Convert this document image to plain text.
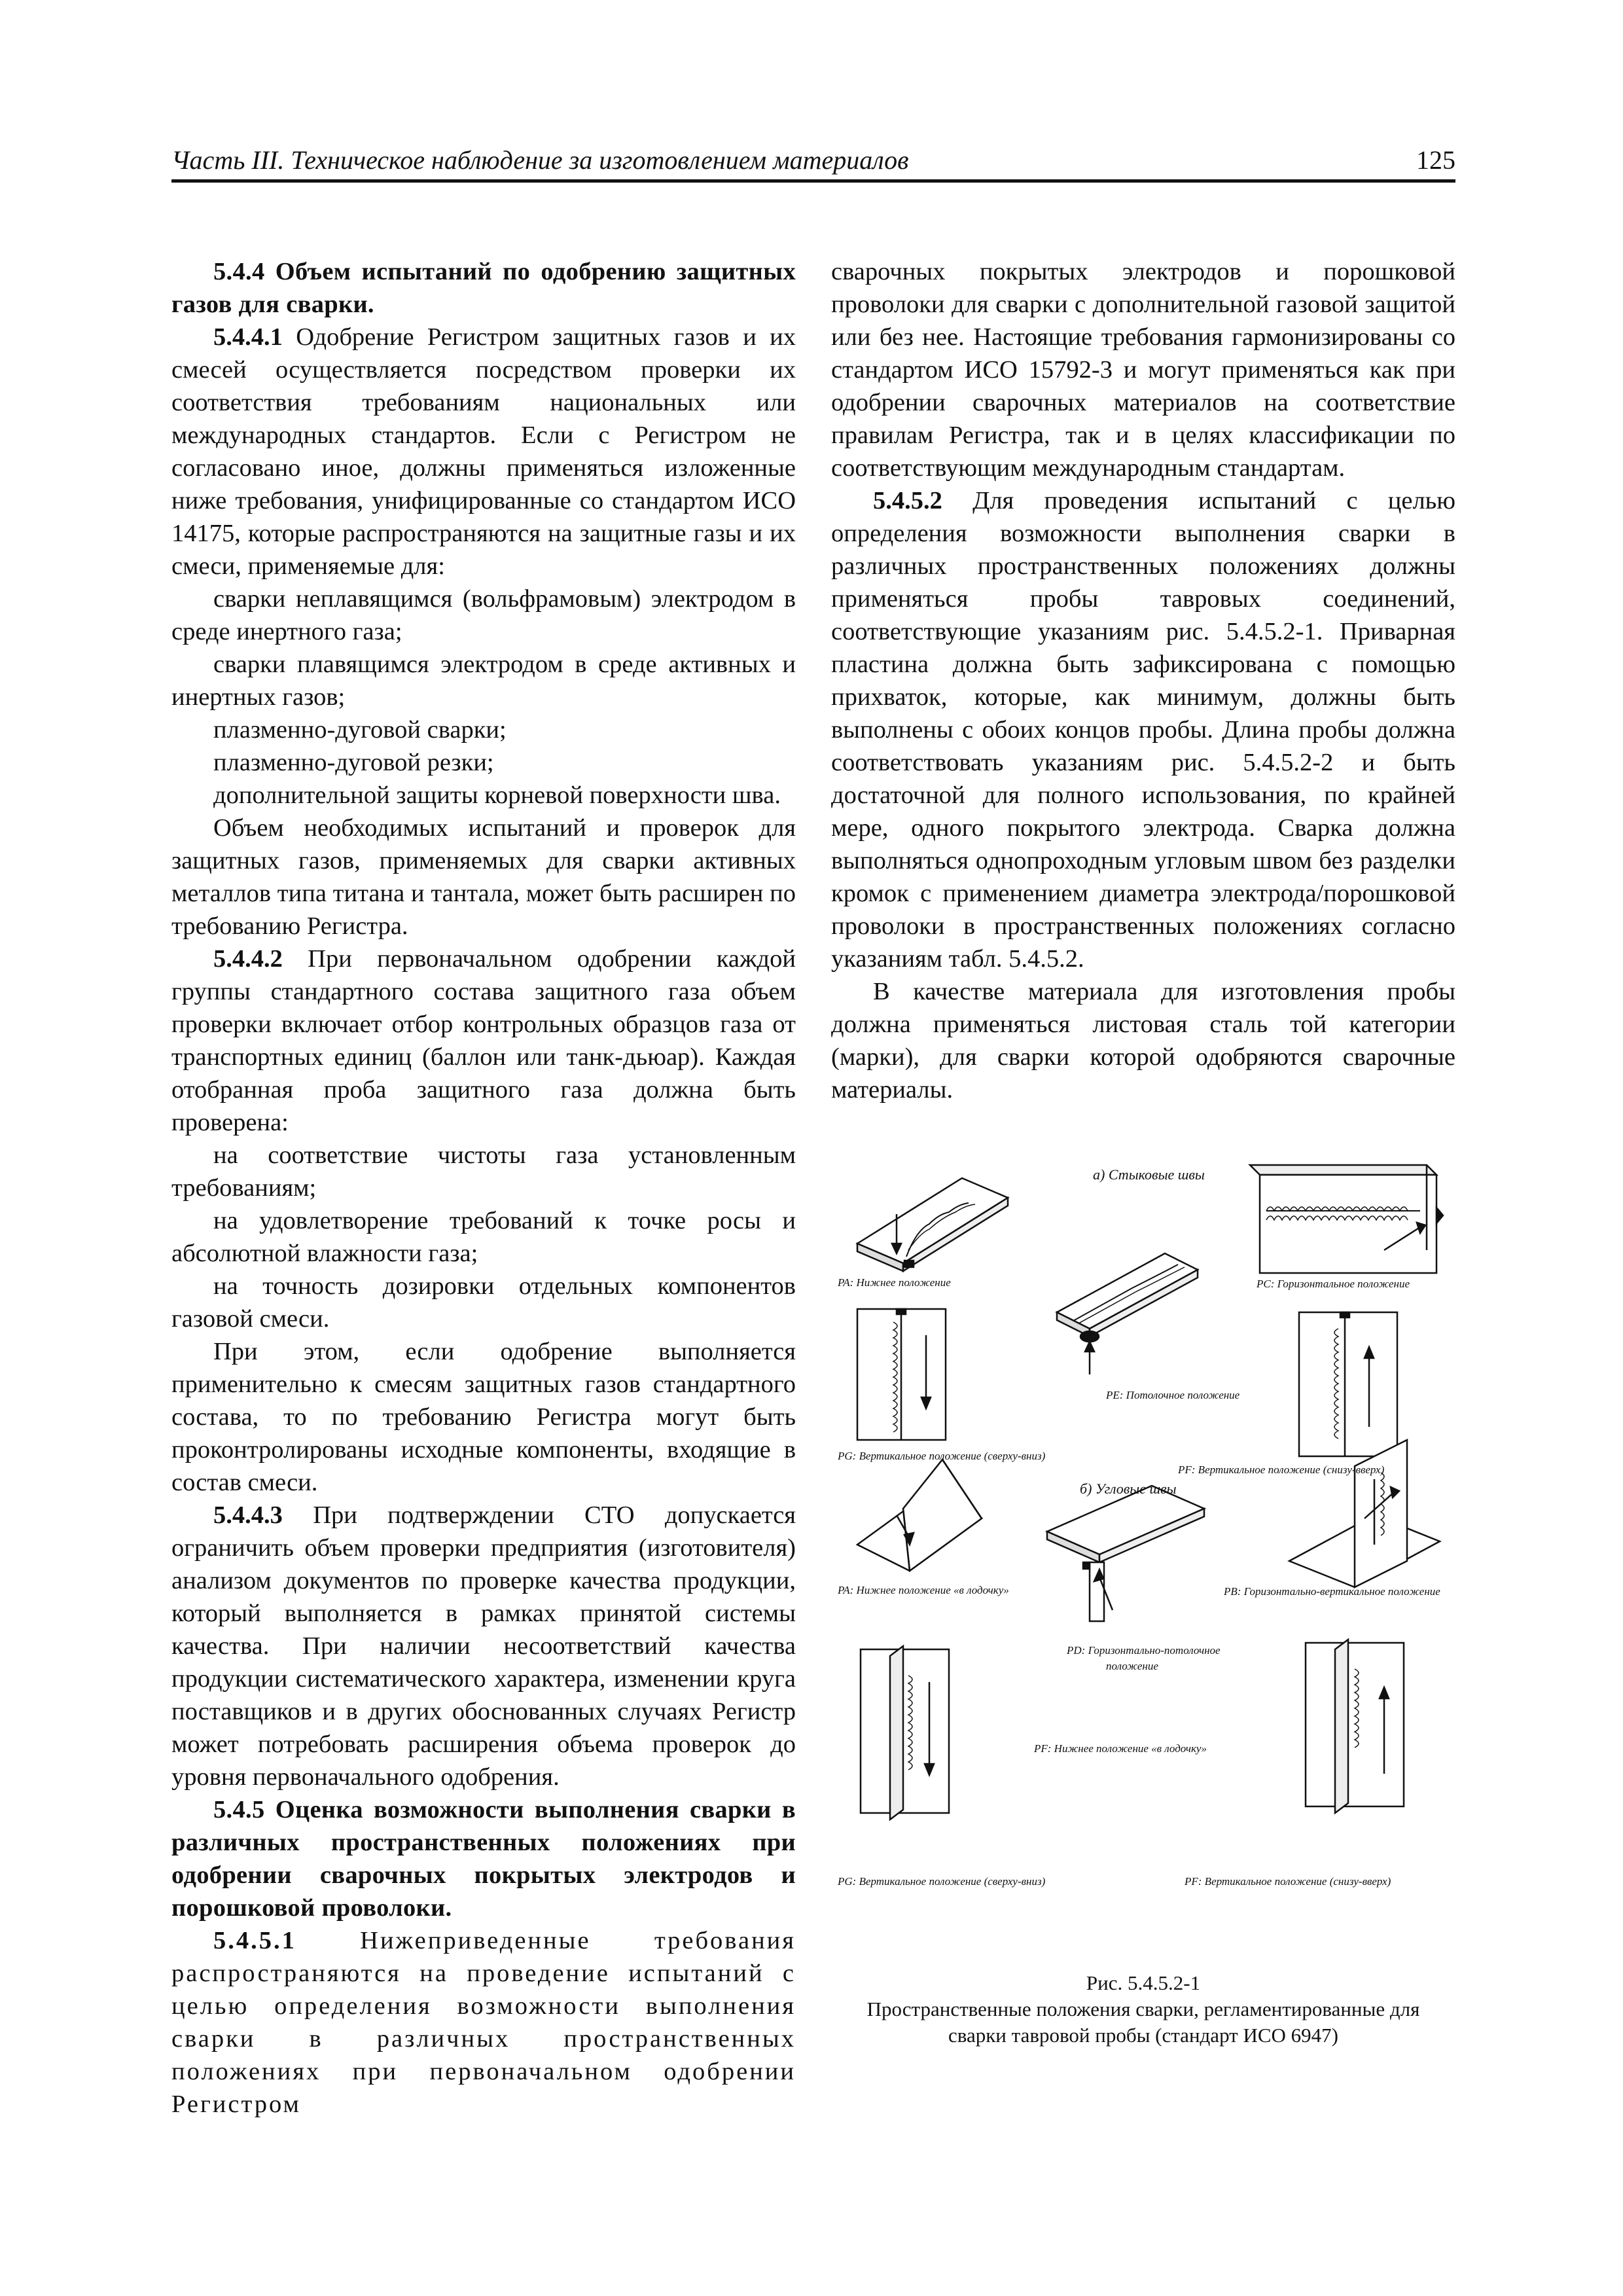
Часть III. Техническое наблюдение за изготовлением материалов	125

5.4.4 Объем испытаний по одобрению защитных газов для сварки.

5.4.4.1 Одобрение Регистром защитных газов и их смесей осуществляется посредством проверки их соответствия требованиям национальных или международных стандартов. Если с Регистром не согласовано иное, должны применяться изложенные ниже требования, унифицированные со стандартом ИСО 14175, которые распространяются на защитные газы и их смеси, применяемые для:

сварки неплавящимся (вольфрамовым) электродом в среде инертного газа;

сварки плавящимся электродом в среде активных и инертных газов;

плазменно-дуговой сварки;

плазменно-дуговой резки;

дополнительной защиты корневой поверхности шва.

Объем необходимых испытаний и проверок для защитных газов, применяемых для сварки активных металлов типа титана и тантала, может быть расширен по требованию Регистра.

5.4.4.2 При первоначальном одобрении каждой группы стандартного состава защитного газа объем проверки включает отбор контрольных образцов газа от транспортных единиц (баллон или танк-дьюар). Каждая отобранная проба защитного газа должна быть проверена:

на соответствие чистоты газа установленным требованиям;

на удовлетворение требований к точке росы и абсолютной влажности газа;

на точность дозировки отдельных компонентов газовой смеси.

При этом, если одобрение выполняется применительно к смесям защитных газов стандартного состава, то по требованию Регистра могут быть проконтролированы исходные компоненты, входящие в состав смеси.

5.4.4.3 При подтверждении СТО допускается ограничить объем проверки предприятия (изготовителя) анализом документов по проверке качества продукции, который выполняется в рамках принятой системы качества. При наличии несоответствий качества продукции систематического характера, изменении круга поставщиков и в других обоснованных случаях Регистр может потребовать расширения объема проверок до уровня первоначального одобрения.

5.4.5 Оценка возможности выполнения сварки в различных пространственных положениях при одобрении сварочных покрытых электродов и порошковой проволоки.

5.4.5.1 Нижеприведенные требования распространяются на проведение испытаний с целью определения возможности выполнения сварки в различных пространственных положениях при первоначальном одобрении Регистром

сварочных покрытых электродов и порошковой проволоки для сварки с дополнительной газовой защитой или без нее. Настоящие требования гармонизированы со стандартом ИСО 15792-3 и могут применяться как при одобрении сварочных материалов на соответствие правилам Регистра, так и в целях классификации по соответствующим международным стандартам.

5.4.5.2 Для проведения испытаний с целью определения возможности выполнения сварки в различных пространственных положениях должны применяться пробы тавровых соединений, соответствующие указаниям рис. 5.4.5.2-1. Приварная пластина должна быть зафиксирована с помощью прихваток, которые, как минимум, должны быть выполнены с обоих концов пробы. Длина пробы должна соответствовать указаниям рис. 5.4.5.2-2 и быть достаточной для полного использования, по крайней мере, одного покрытого электрода. Сварка должна выполняться однопроходным угловым швом без разделки кромок с применением диаметра электрода/порошковой проволоки в пространственных положениях согласно указаниям табл. 5.4.5.2.

В качестве материала для изготовления пробы должна применяться листовая сталь той категории (марки), для сварки которой одобряются сварочные материалы.

а) Стыковые швы
PA: Нижнее положение	PC: Горизонтальное положение
PE: Потолочное положение
PG: Вертикальное положение (сверху-вниз)
PF: Вертикальное положение (снизу-вверх)
б) Угловые швы
PA: Нижнее положение «в лодочку»	PB: Горизонтально-вертикальное положение
PD: Горизонтально-потолочное
положение
PF: Нижнее положение «в лодочку»
PG: Вертикальное положение (сверху-вниз)	PF: Вертикальное положение (снизу-вверх)
Рис. 5.4.5.2-1
Пространственные положения сварки, регламентированные для
сварки тавровой пробы (стандарт ИСО 6947)
